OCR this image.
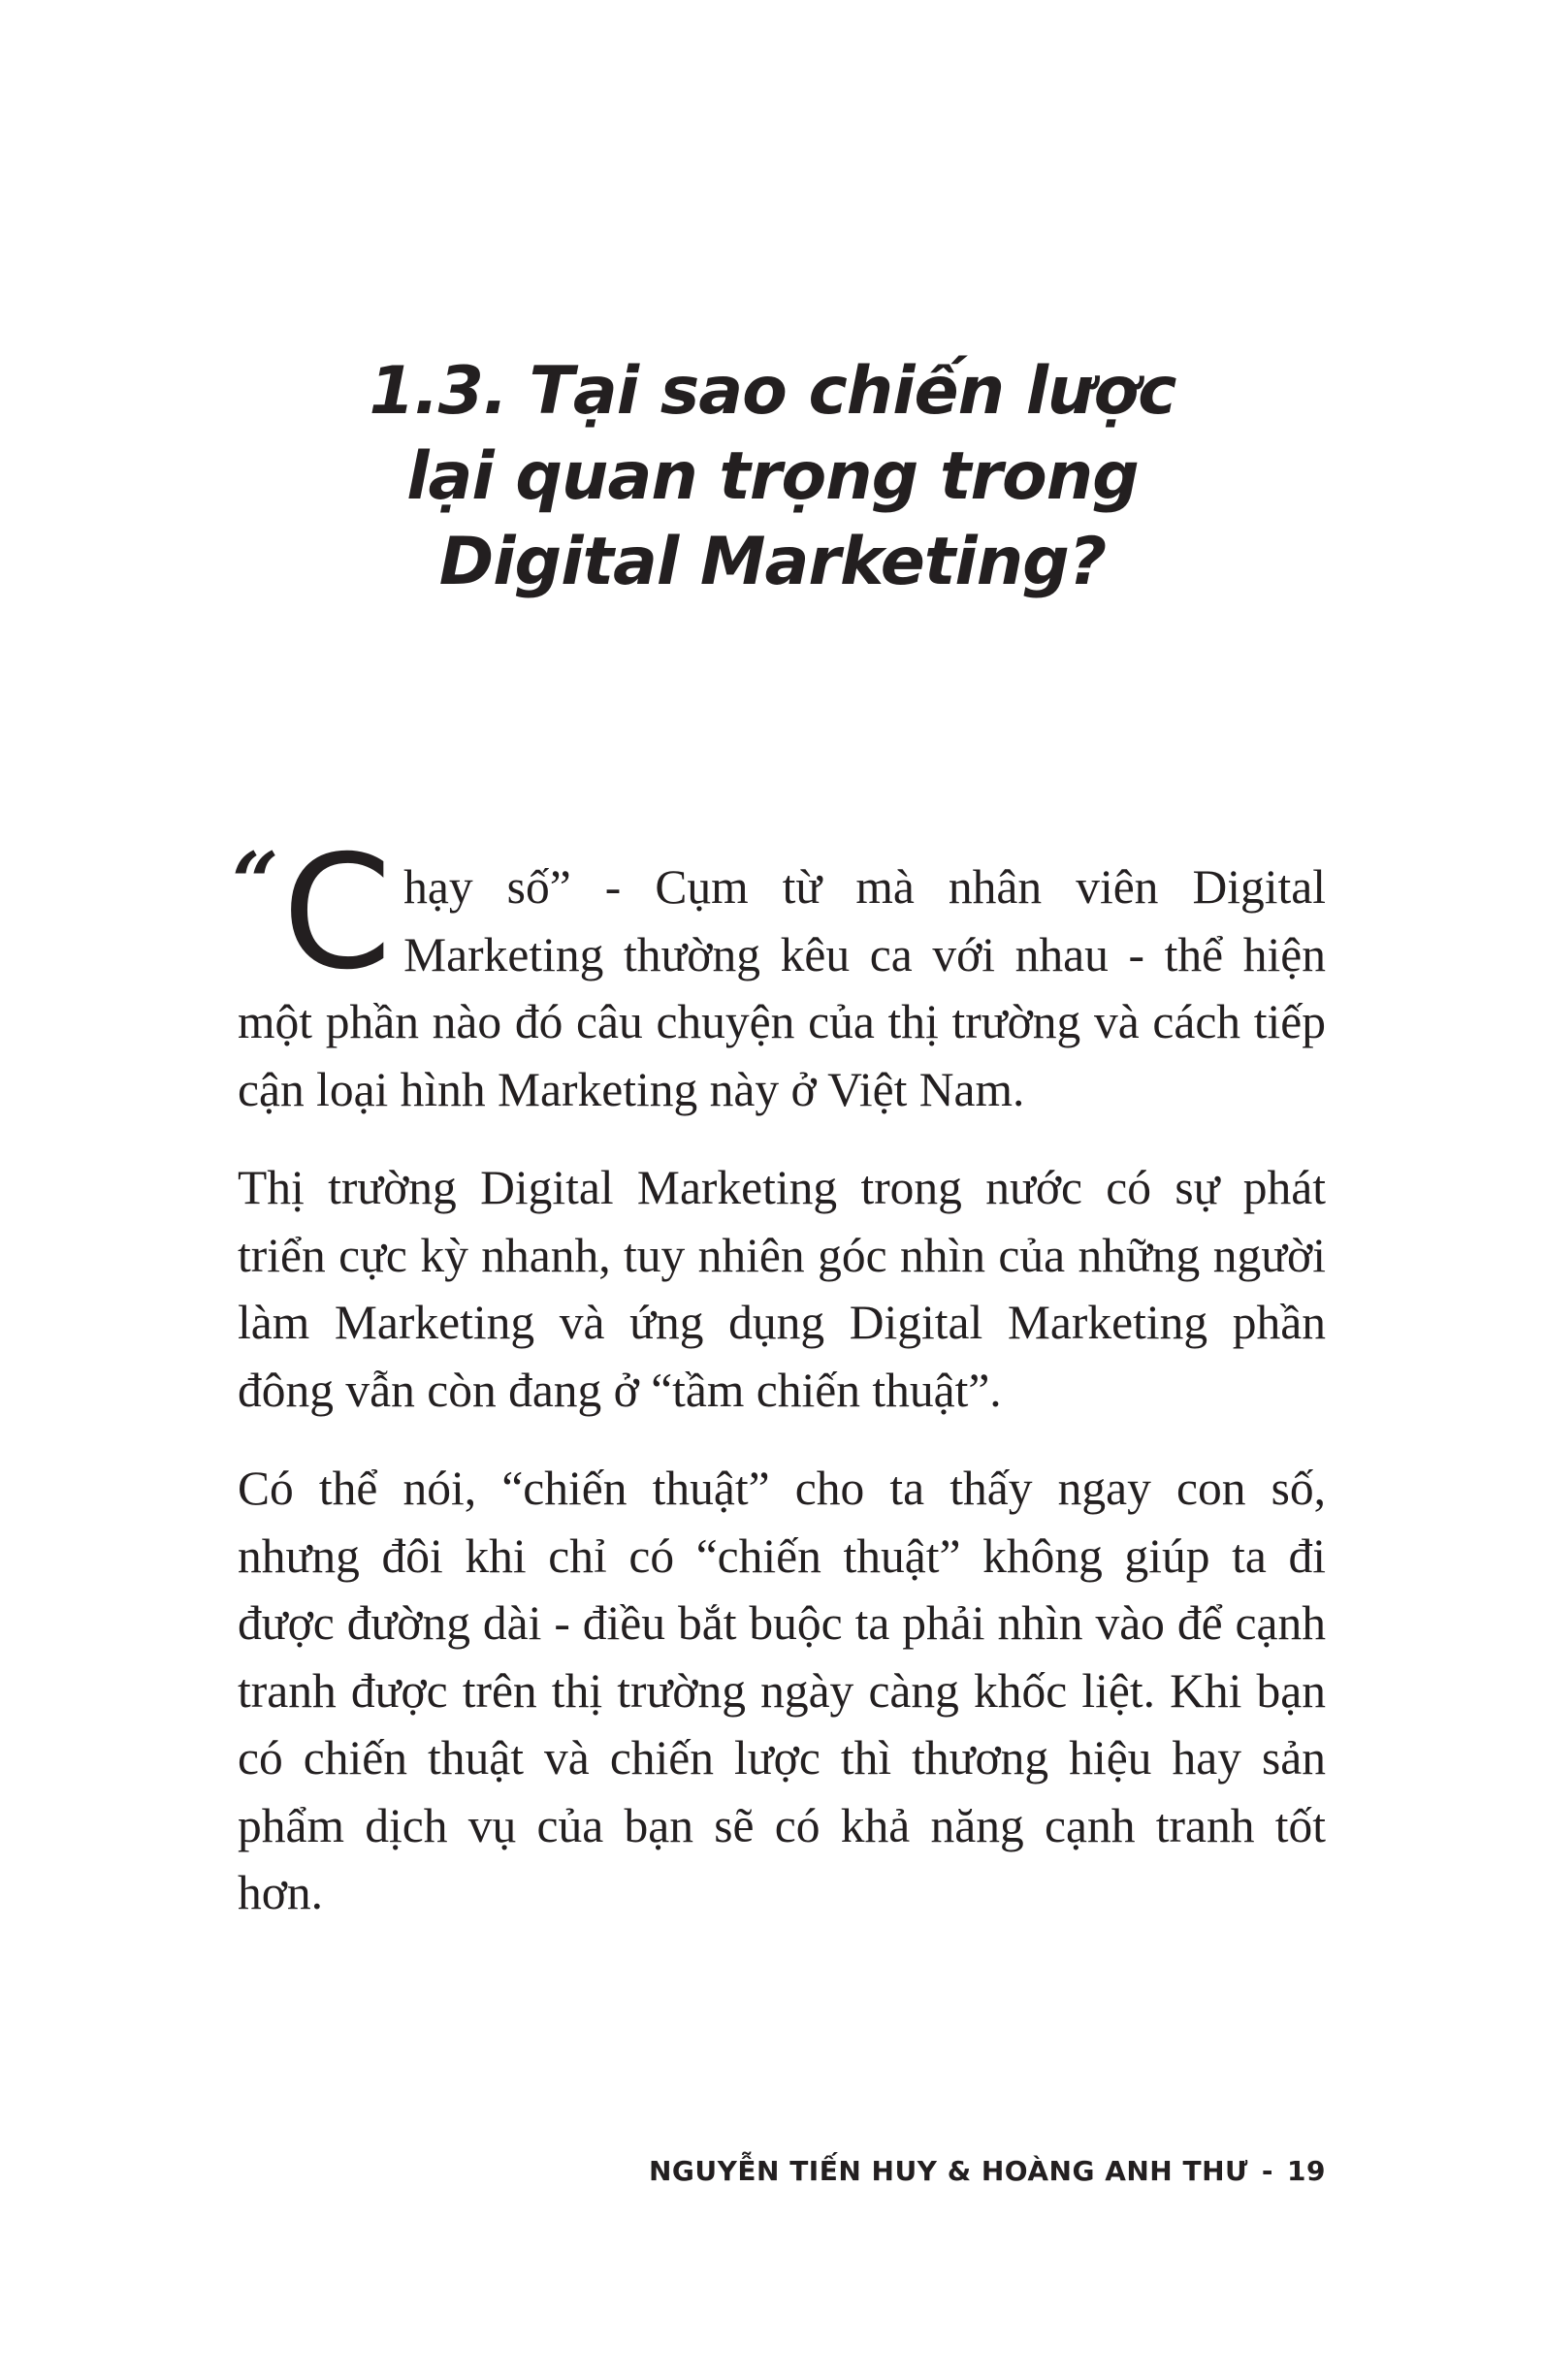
1.3. Tại sao chiến lược
lại quan trọng trong
Digital Marketing?

“ C hạy số” - Cụm từ mà nhân viên Digital Marketing thường kêu ca với nhau - thể hiện một phần nào đó câu chuyện của thị trường và cách tiếp cận loại hình Marketing này ở Việt Nam.

Thị trường Digital Marketing trong nước có sự phát triển cực kỳ nhanh, tuy nhiên góc nhìn của những người làm Marketing và ứng dụng Digital Marketing phần đông vẫn còn đang ở “tầm chiến thuật”.

Có thể nói, “chiến thuật” cho ta thấy ngay con số, nhưng đôi khi chỉ có “chiến thuật” không giúp ta đi được đường dài - điều bắt buộc ta phải nhìn vào để cạnh tranh được trên thị trường ngày càng khốc liệt. Khi bạn có chiến thuật và chiến lược thì thương hiệu hay sản phẩm dịch vụ của bạn sẽ có khả năng cạnh tranh tốt hơn.

NGUYỄN TIẾN HUY & HOÀNG ANH THƯ - 19
